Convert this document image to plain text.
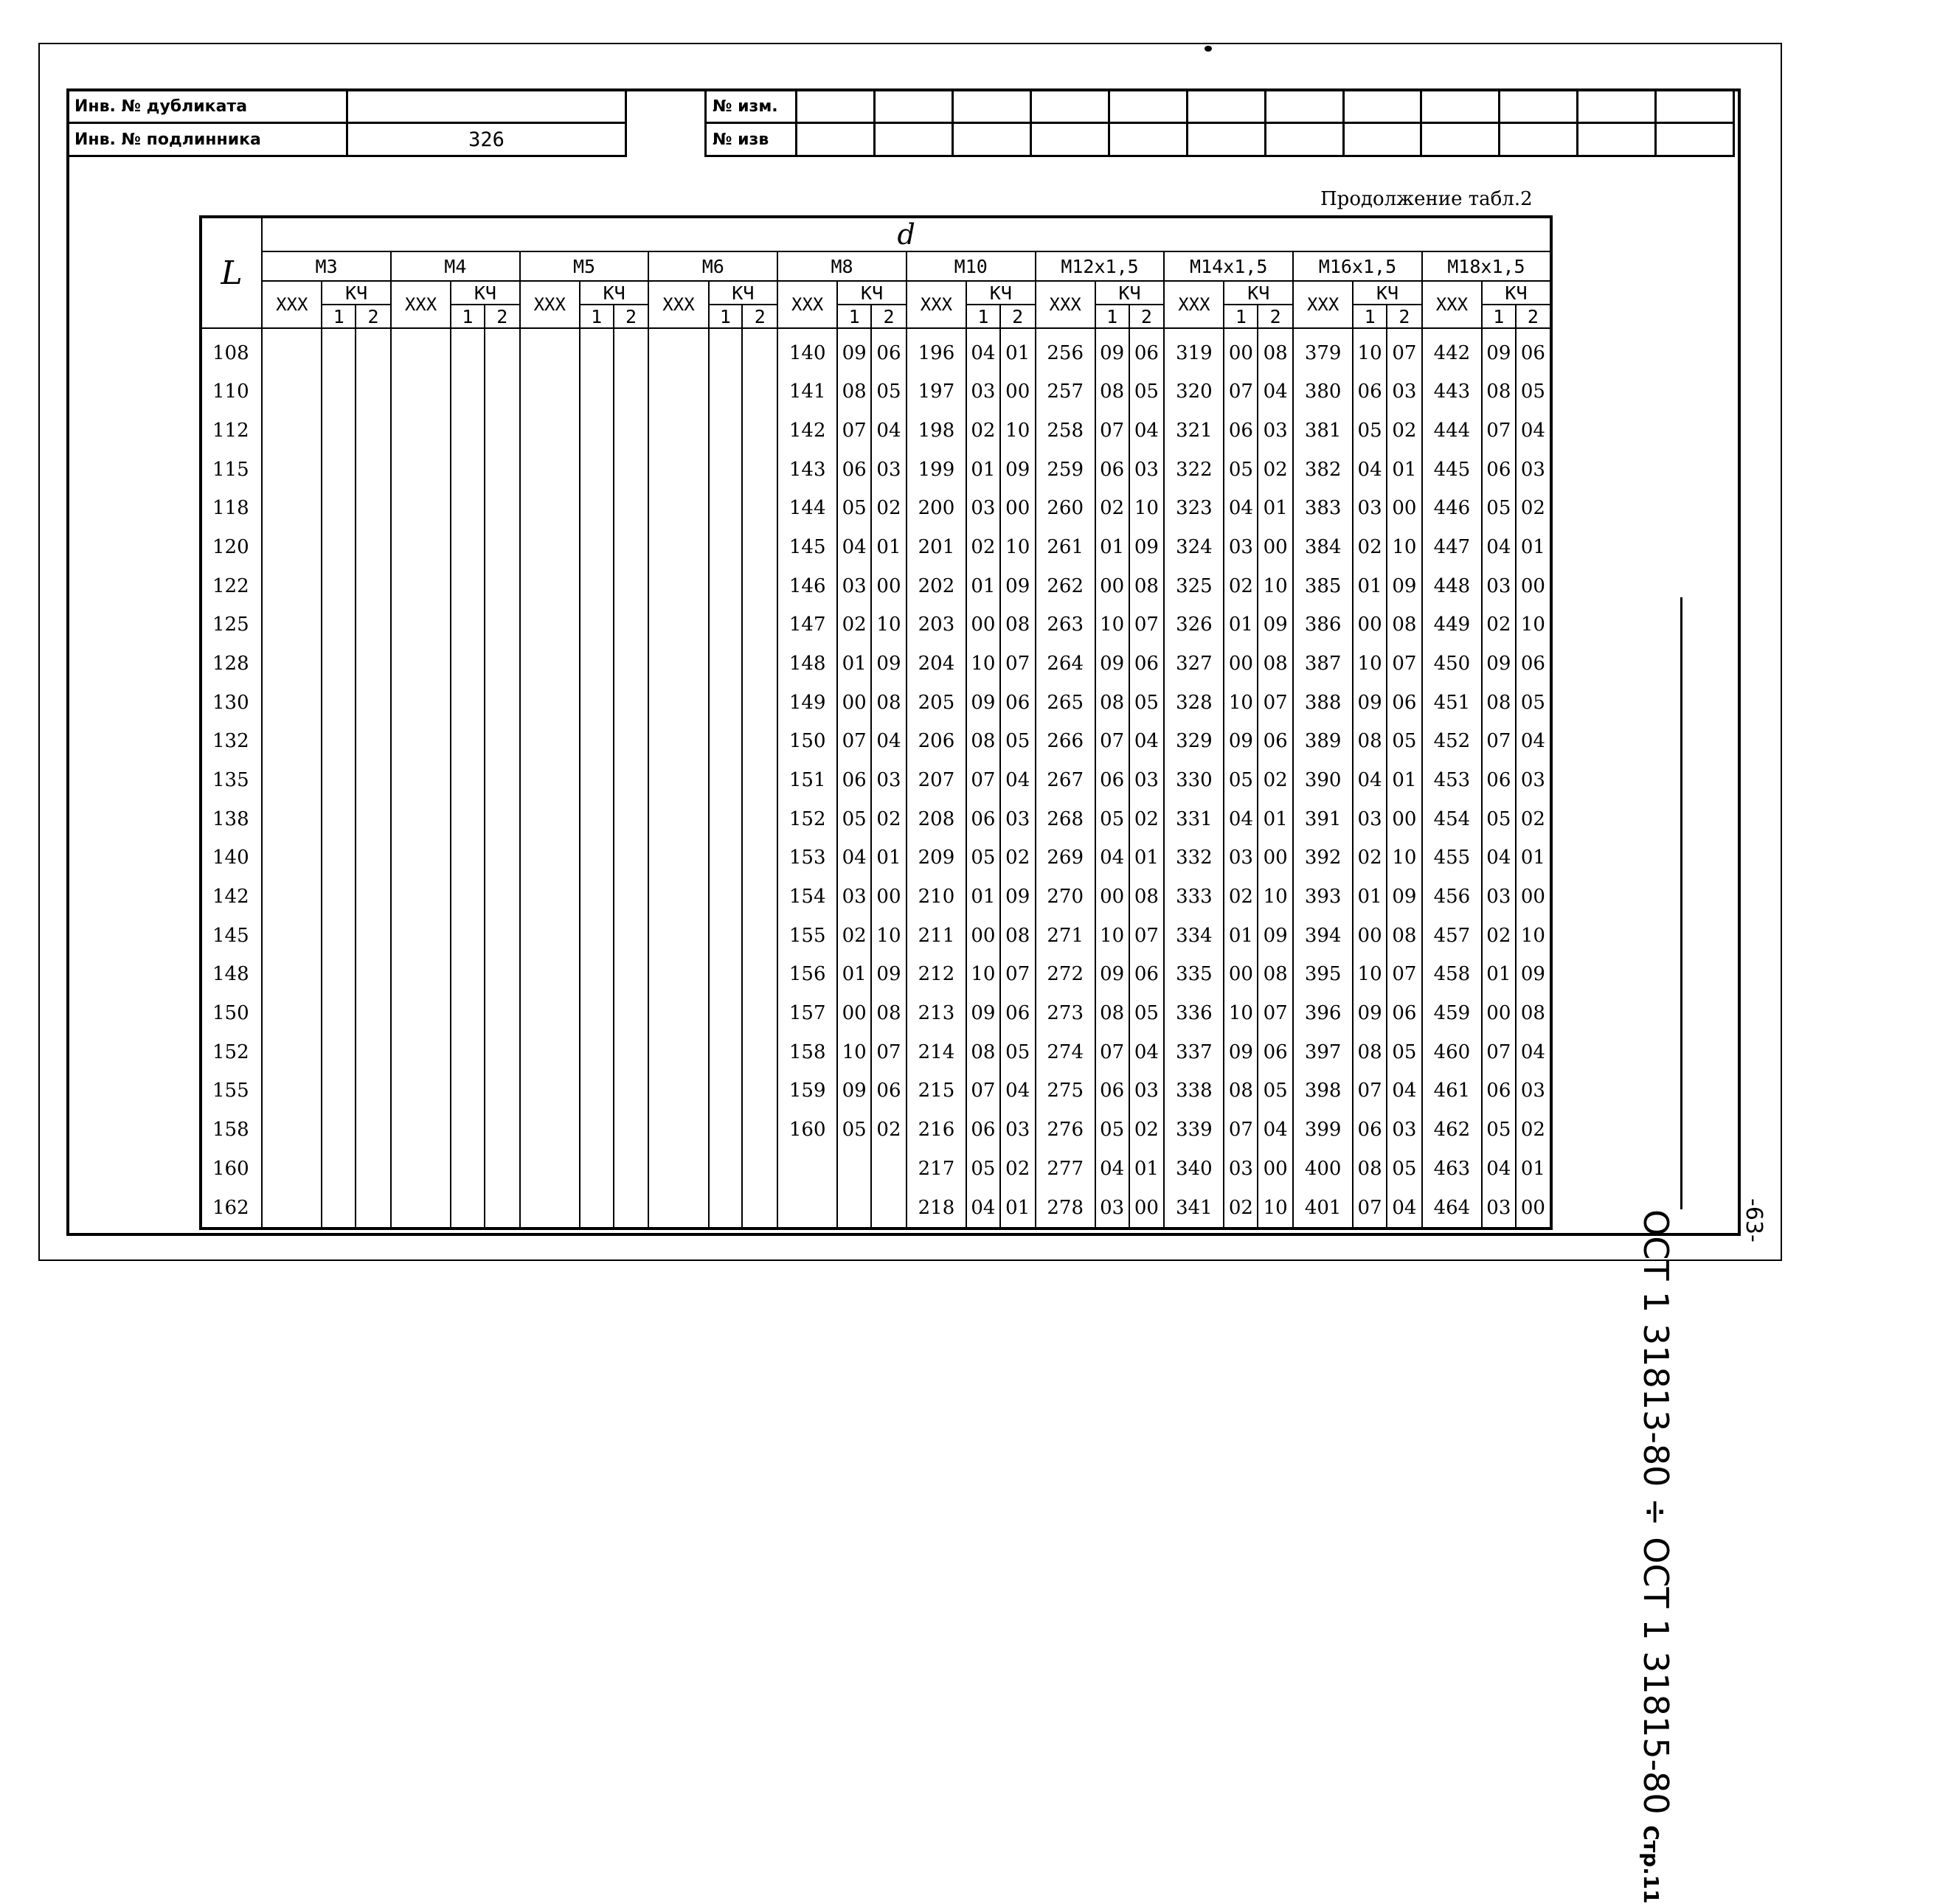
Инв. № дубликата	
Инв. № подлинника	326
№ изм.												
№ изв												
Продолжение табл.2
L	d																													
	М3			М4			М5			М6			М8			М10			М12х1,5			М14х1,5			М16х1,5			М18х1,5		
	ХХХ	КЧ		ХХХ	КЧ		ХХХ	КЧ		ХХХ	КЧ		ХХХ	КЧ		ХХХ	КЧ		ХХХ	КЧ		ХХХ	КЧ		ХХХ	КЧ		ХХХ	КЧ	
		1	2		1	2		1	2		1	2		1	2		1	2		1	2		1	2		1	2		1	2
108													140	09	06	196	04	01	256	09	06	319	00	08	379	10	07	442	09	06
110													141	08	05	197	03	00	257	08	05	320	07	04	380	06	03	443	08	05
112													142	07	04	198	02	10	258	07	04	321	06	03	381	05	02	444	07	04
115													143	06	03	199	01	09	259	06	03	322	05	02	382	04	01	445	06	03
118													144	05	02	200	03	00	260	02	10	323	04	01	383	03	00	446	05	02
120													145	04	01	201	02	10	261	01	09	324	03	00	384	02	10	447	04	01
122													146	03	00	202	01	09	262	00	08	325	02	10	385	01	09	448	03	00
125													147	02	10	203	00	08	263	10	07	326	01	09	386	00	08	449	02	10
128													148	01	09	204	10	07	264	09	06	327	00	08	387	10	07	450	09	06
130													149	00	08	205	09	06	265	08	05	328	10	07	388	09	06	451	08	05
132													150	07	04	206	08	05	266	07	04	329	09	06	389	08	05	452	07	04
135													151	06	03	207	07	04	267	06	03	330	05	02	390	04	01	453	06	03
138													152	05	02	208	06	03	268	05	02	331	04	01	391	03	00	454	05	02
140													153	04	01	209	05	02	269	04	01	332	03	00	392	02	10	455	04	01
142													154	03	00	210	01	09	270	00	08	333	02	10	393	01	09	456	03	00
145													155	02	10	211	00	08	271	10	07	334	01	09	394	00	08	457	02	10
148													156	01	09	212	10	07	272	09	06	335	00	08	395	10	07	458	01	09
150													157	00	08	213	09	06	273	08	05	336	10	07	396	09	06	459	00	08
152													158	10	07	214	08	05	274	07	04	337	09	06	397	08	05	460	07	04
155													159	09	06	215	07	04	275	06	03	338	08	05	398	07	04	461	06	03
158													160	05	02	216	06	03	276	05	02	339	07	04	399	06	03	462	05	02
160																217	05	02	277	04	01	340	03	00	400	08	05	463	04	01
162																218	04	01	278	03	00	341	02	10	401	07	04	464	03	00
ОСТ 1 31813-80 ÷ ОСТ 1 31815-80 Стр.11
-63-
